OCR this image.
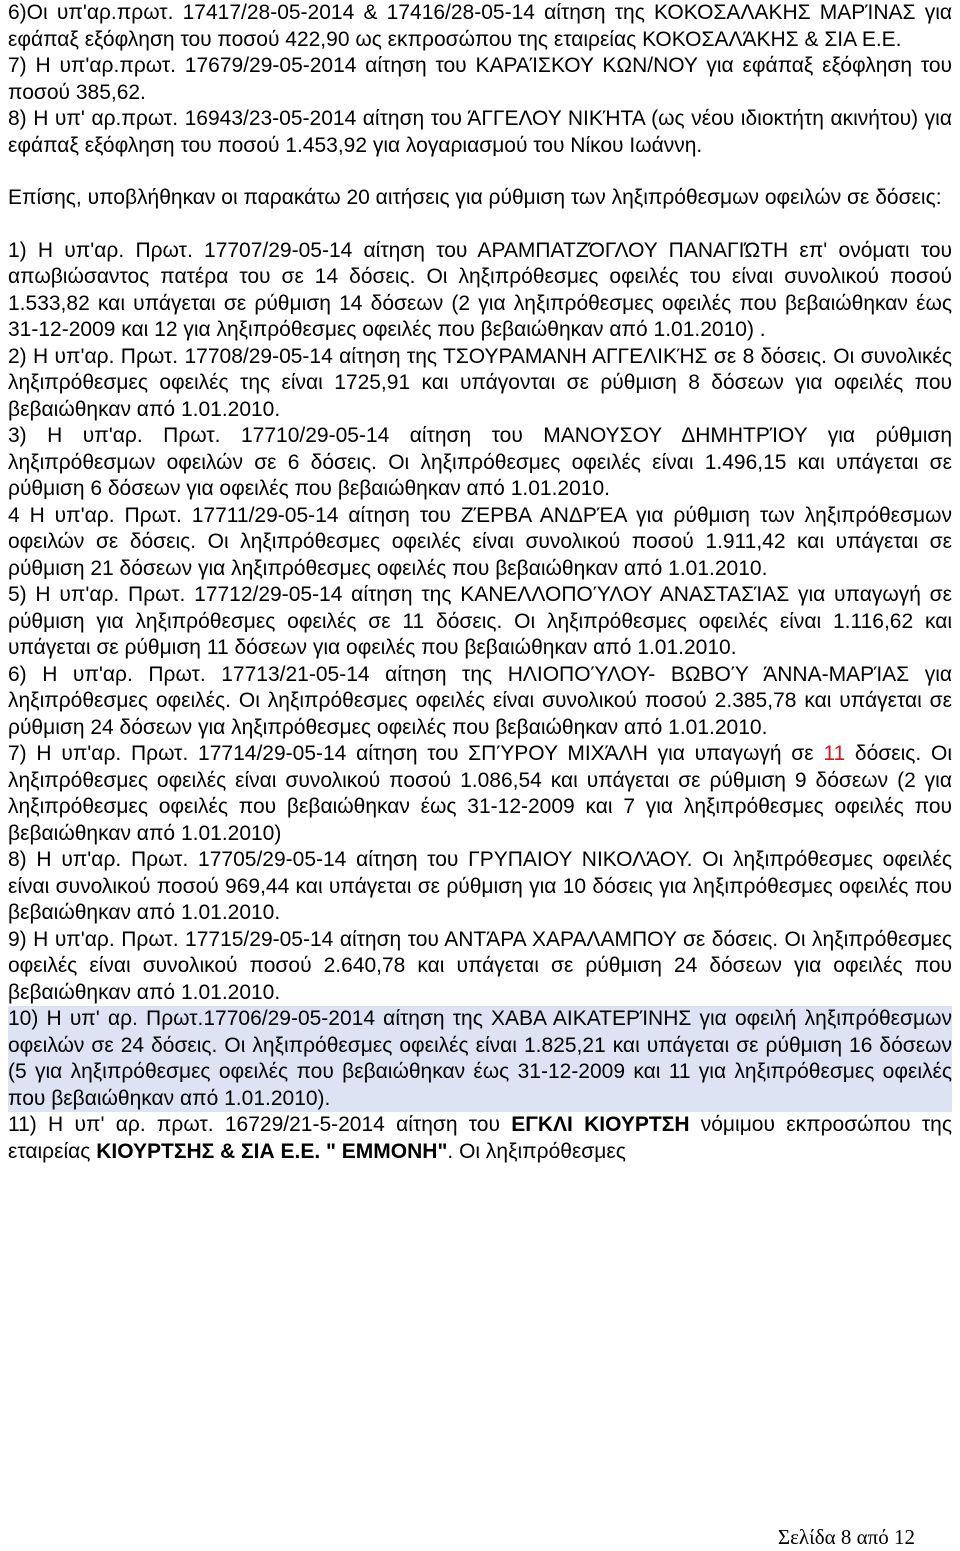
6)Οι υπ'αρ.πρωτ. 17417/28-05-2014 & 17416/28-05-14 αίτηση της ΚΟΚΟΣΑΛΑΚΗΣ ΜΑΡΊΝΑΣ για εφάπαξ εξόφληση του ποσού 422,90 ως εκπροσώπου της εταιρείας ΚΟΚΟΣΑΛΆΚΗΣ & ΣΙΑ Ε.Ε.

7) Η υπ'αρ.πρωτ. 17679/29-05-2014 αίτηση του ΚΑΡΑΊΣΚΟΥ ΚΩΝ/ΝΟΥ για εφάπαξ εξόφληση του ποσού 385,62.

8) Η υπ' αρ.πρωτ. 16943/23-05-2014 αίτηση του ΆΓΓΕΛΟΥ ΝΙΚΉΤΑ (ως νέου ιδιοκτήτη ακινήτου) για εφάπαξ εξόφληση του ποσού 1.453,92 για λογαριασμού του Νίκου Ιωάννη.

Επίσης, υποβλήθηκαν οι παρακάτω 20 αιτήσεις για ρύθμιση των ληξιπρόθεσμων οφειλών σε δόσεις:

1) Η υπ'αρ. Πρωτ. 17707/29-05-14 αίτηση του ΑΡΑΜΠΑΤΖΌΓΛΟΥ ΠΑΝΑΓΙΏΤΗ επ' ονόματι του απωβιώσαντος πατέρα του σε 14 δόσεις. Οι ληξιπρόθεσμες οφειλές του είναι συνολικού ποσού 1.533,82 και υπάγεται σε ρύθμιση 14 δόσεων (2 για ληξιπρόθεσμες οφειλές που βεβαιώθηκαν έως 31-12-2009 και 12 για ληξιπρόθεσμες οφειλές που βεβαιώθηκαν από 1.01.2010) .

2) Η υπ'αρ. Πρωτ. 17708/29-05-14 αίτηση της ΤΣΟΥΡΑΜΑΝΗ ΑΓΓΕΛΙΚΉΣ σε 8 δόσεις. Οι συνολικές ληξιπρόθεσμες οφειλές της είναι 1725,91 και υπάγονται σε ρύθμιση 8 δόσεων για οφειλές που βεβαιώθηκαν από 1.01.2010.

3) Η υπ'αρ. Πρωτ. 17710/29-05-14 αίτηση του ΜΑΝΟΥΣΟΥ ΔΗΜΗΤΡΊΟΥ για ρύθμιση ληξιπρόθεσμων οφειλών σε 6 δόσεις. Οι ληξιπρόθεσμες οφειλές είναι 1.496,15 και υπάγεται σε ρύθμιση 6 δόσεων για οφειλές που βεβαιώθηκαν από 1.01.2010.

4 Η υπ'αρ. Πρωτ. 17711/29-05-14 αίτηση του ΖΈΡΒΑ ΑΝΔΡΈΑ για ρύθμιση των ληξιπρόθεσμων οφειλών σε δόσεις. Οι ληξιπρόθεσμες οφειλές είναι συνολικού ποσού 1.911,42 και υπάγεται σε ρύθμιση 21 δόσεων για ληξιπρόθεσμες οφειλές που βεβαιώθηκαν από 1.01.2010.

5) Η υπ'αρ. Πρωτ. 17712/29-05-14 αίτηση της ΚΑΝΕΛΛΟΠΟΎΛΟΥ ΑΝΑΣΤΑΣΊΑΣ για υπαγωγή σε ρύθμιση για ληξιπρόθεσμες οφειλές σε 11 δόσεις. Οι ληξιπρόθεσμες οφειλές είναι 1.116,62 και υπάγεται σε ρύθμιση 11 δόσεων για οφειλές που βεβαιώθηκαν από 1.01.2010.

6) Η υπ'αρ. Πρωτ. 17713/21-05-14 αίτηση της ΗΛΙΟΠΟΎΛΟΥ- ΒΩΒΟΎ ΆΝΝΑ-ΜΑΡΊΑΣ για ληξιπρόθεσμες οφειλές. Οι ληξιπρόθεσμες οφειλές είναι συνολικού ποσού 2.385,78 και υπάγεται σε ρύθμιση 24 δόσεων για ληξιπρόθεσμες οφειλές που βεβαιώθηκαν από 1.01.2010.

7) Η υπ'αρ. Πρωτ. 17714/29-05-14 αίτηση του ΣΠΎΡΟΥ ΜΙΧΆΛΗ για υπαγωγή σε 11 δόσεις. Οι ληξιπρόθεσμες οφειλές είναι συνολικού ποσού 1.086,54 και υπάγεται σε ρύθμιση 9 δόσεων (2 για ληξιπρόθεσμες οφειλές που βεβαιώθηκαν έως 31-12-2009 και 7 για ληξιπρόθεσμες οφειλές που βεβαιώθηκαν από 1.01.2010)

8) Η υπ'αρ. Πρωτ. 17705/29-05-14 αίτηση του ΓΡΥΠΑΙΟΥ ΝΙΚΟΛΆΟΥ. Οι ληξιπρόθεσμες οφειλές είναι συνολικού ποσού 969,44 και υπάγεται σε ρύθμιση για 10 δόσεις για ληξιπρόθεσμες οφειλές που βεβαιώθηκαν από 1.01.2010.

9) Η υπ'αρ. Πρωτ. 17715/29-05-14 αίτηση του ΑΝΤΆΡΑ ΧΑΡΑΛΑΜΠΟΥ σε δόσεις. Οι ληξιπρόθεσμες οφειλές είναι συνολικού ποσού 2.640,78 και υπάγεται σε ρύθμιση 24 δόσεων για οφειλές που βεβαιώθηκαν από 1.01.2010.

10) Η υπ' αρ. Πρωτ.17706/29-05-2014 αίτηση της ΧΑΒΑ ΑΙΚΑΤΕΡΊΝΗΣ για οφειλή ληξιπρόθεσμων οφειλών σε 24 δόσεις. Οι ληξιπρόθεσμες οφειλές είναι 1.825,21 και υπάγεται σε ρύθμιση 16 δόσεων (5 για ληξιπρόθεσμες οφειλές που βεβαιώθηκαν έως 31-12-2009 και 11 για ληξιπρόθεσμες οφειλές που βεβαιώθηκαν από 1.01.2010).

11) Η υπ' αρ. πρωτ. 16729/21-5-2014 αίτηση του ΕΓΚΛΙ ΚΙΟΥΡΤΣΗ νόμιμου εκπροσώπου της εταιρείας ΚΙΟΥΡΤΣΗΣ & ΣΙΑ Ε.Ε. " ΕΜΜΟΝΗ". Οι ληξιπρόθεσμες

Σελίδα 8 από 12
